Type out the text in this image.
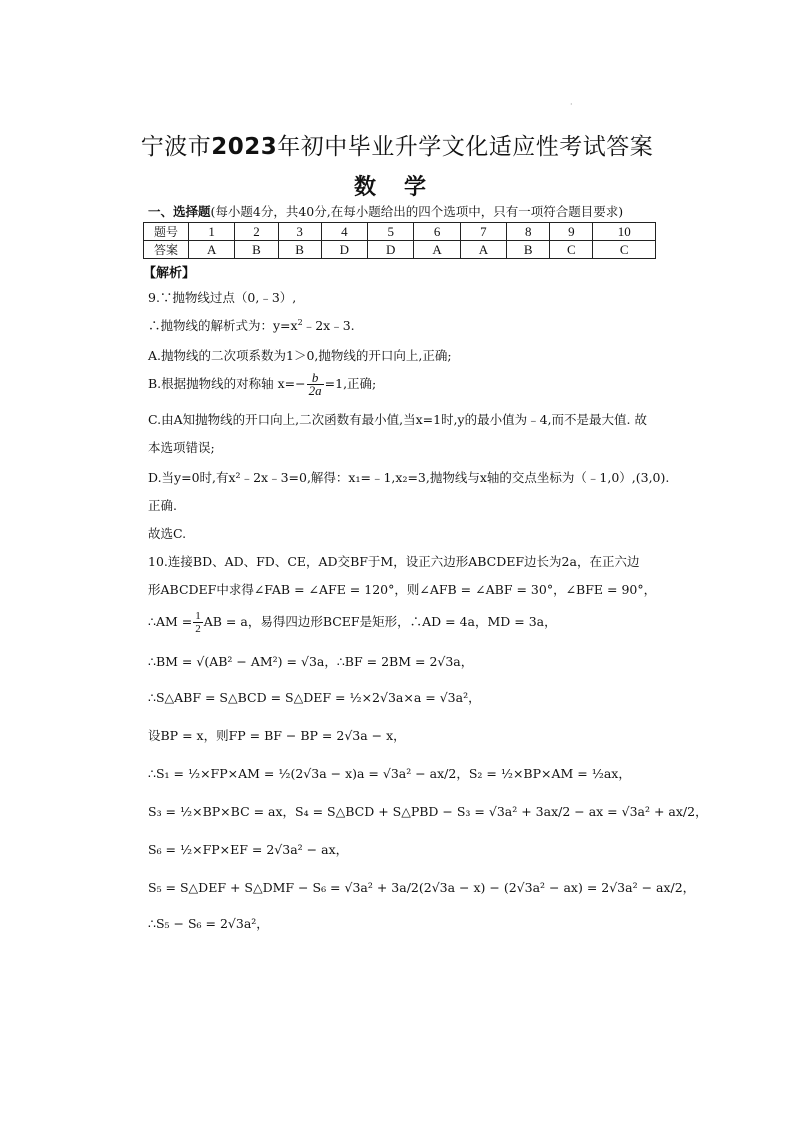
·
宁波市2023年初中毕业升学文化适应性考试答案
数学
一、选择题(每小题4分，共40分,在每小题给出的四个选项中，只有一项符合题目要求)
题号	1	2	3	4	5	6	7	8	9	10
答案	A	B	B	D	D	A	A	B	C	C
【解析】
9.∵抛物线过点（0,﹣3）,
∴抛物线的解析式为：$y=x^2﹣2x﹣3$.
A.抛物线的二次项系数为1＞0,抛物线的开口向上,正确;
B.根据抛物线的对称轴 $x=- \frac{b}{2a} =1$,正确;
C.由A知抛物线的开口向上,二次函数有最小值,当x=1时,y的最小值为﹣4,而不是最大值. 故
本选项错误;
D.当y=0时,有x²﹣2x﹣3=0,解得：x₁=﹣1,x₂=3,抛物线与x轴的交点坐标为（﹣1,0）,(3,0).
正确.
故选C.
10.连接BD、AD、FD、CE，AD交BF于M，设正六边形ABCDEF边长为2a，在正六边
形ABCDEF中求得∠FAB = ∠AFE = 120°，则∠AFB = ∠ABF = 30°，∠BFE = 90°，
∴AM = $\frac{1}{2}$ AB = a，易得四边形BCEF是矩形，∴AD = 4a，MD = 3a，
∴BM = √(AB² − AM²) = √3a，∴BF = 2BM = 2√3a，
∴S△ABF = S△BCD = S△DEF = ½×2√3a×a = √3a²，
设BP = x，则FP = BF − BP = 2√3a − x，
∴S₁ = ½×FP×AM = ½(2√3a − x)a = √3a² − ax/2，S₂ = ½×BP×AM = ½ax，
S₃ = ½×BP×BC = ax，S₄ = S△BCD + S△PBD − S₃ = √3a² + 3ax/2 − ax = √3a² + ax/2，
S₆ = ½×FP×EF = 2√3a² − ax，
S₅ = S△DEF + S△DMF − S₆ = √3a² + 3a/2(2√3a − x) − (2√3a² − ax) = 2√3a² − ax/2，
∴S₅ − S₆ = 2√3a²，
